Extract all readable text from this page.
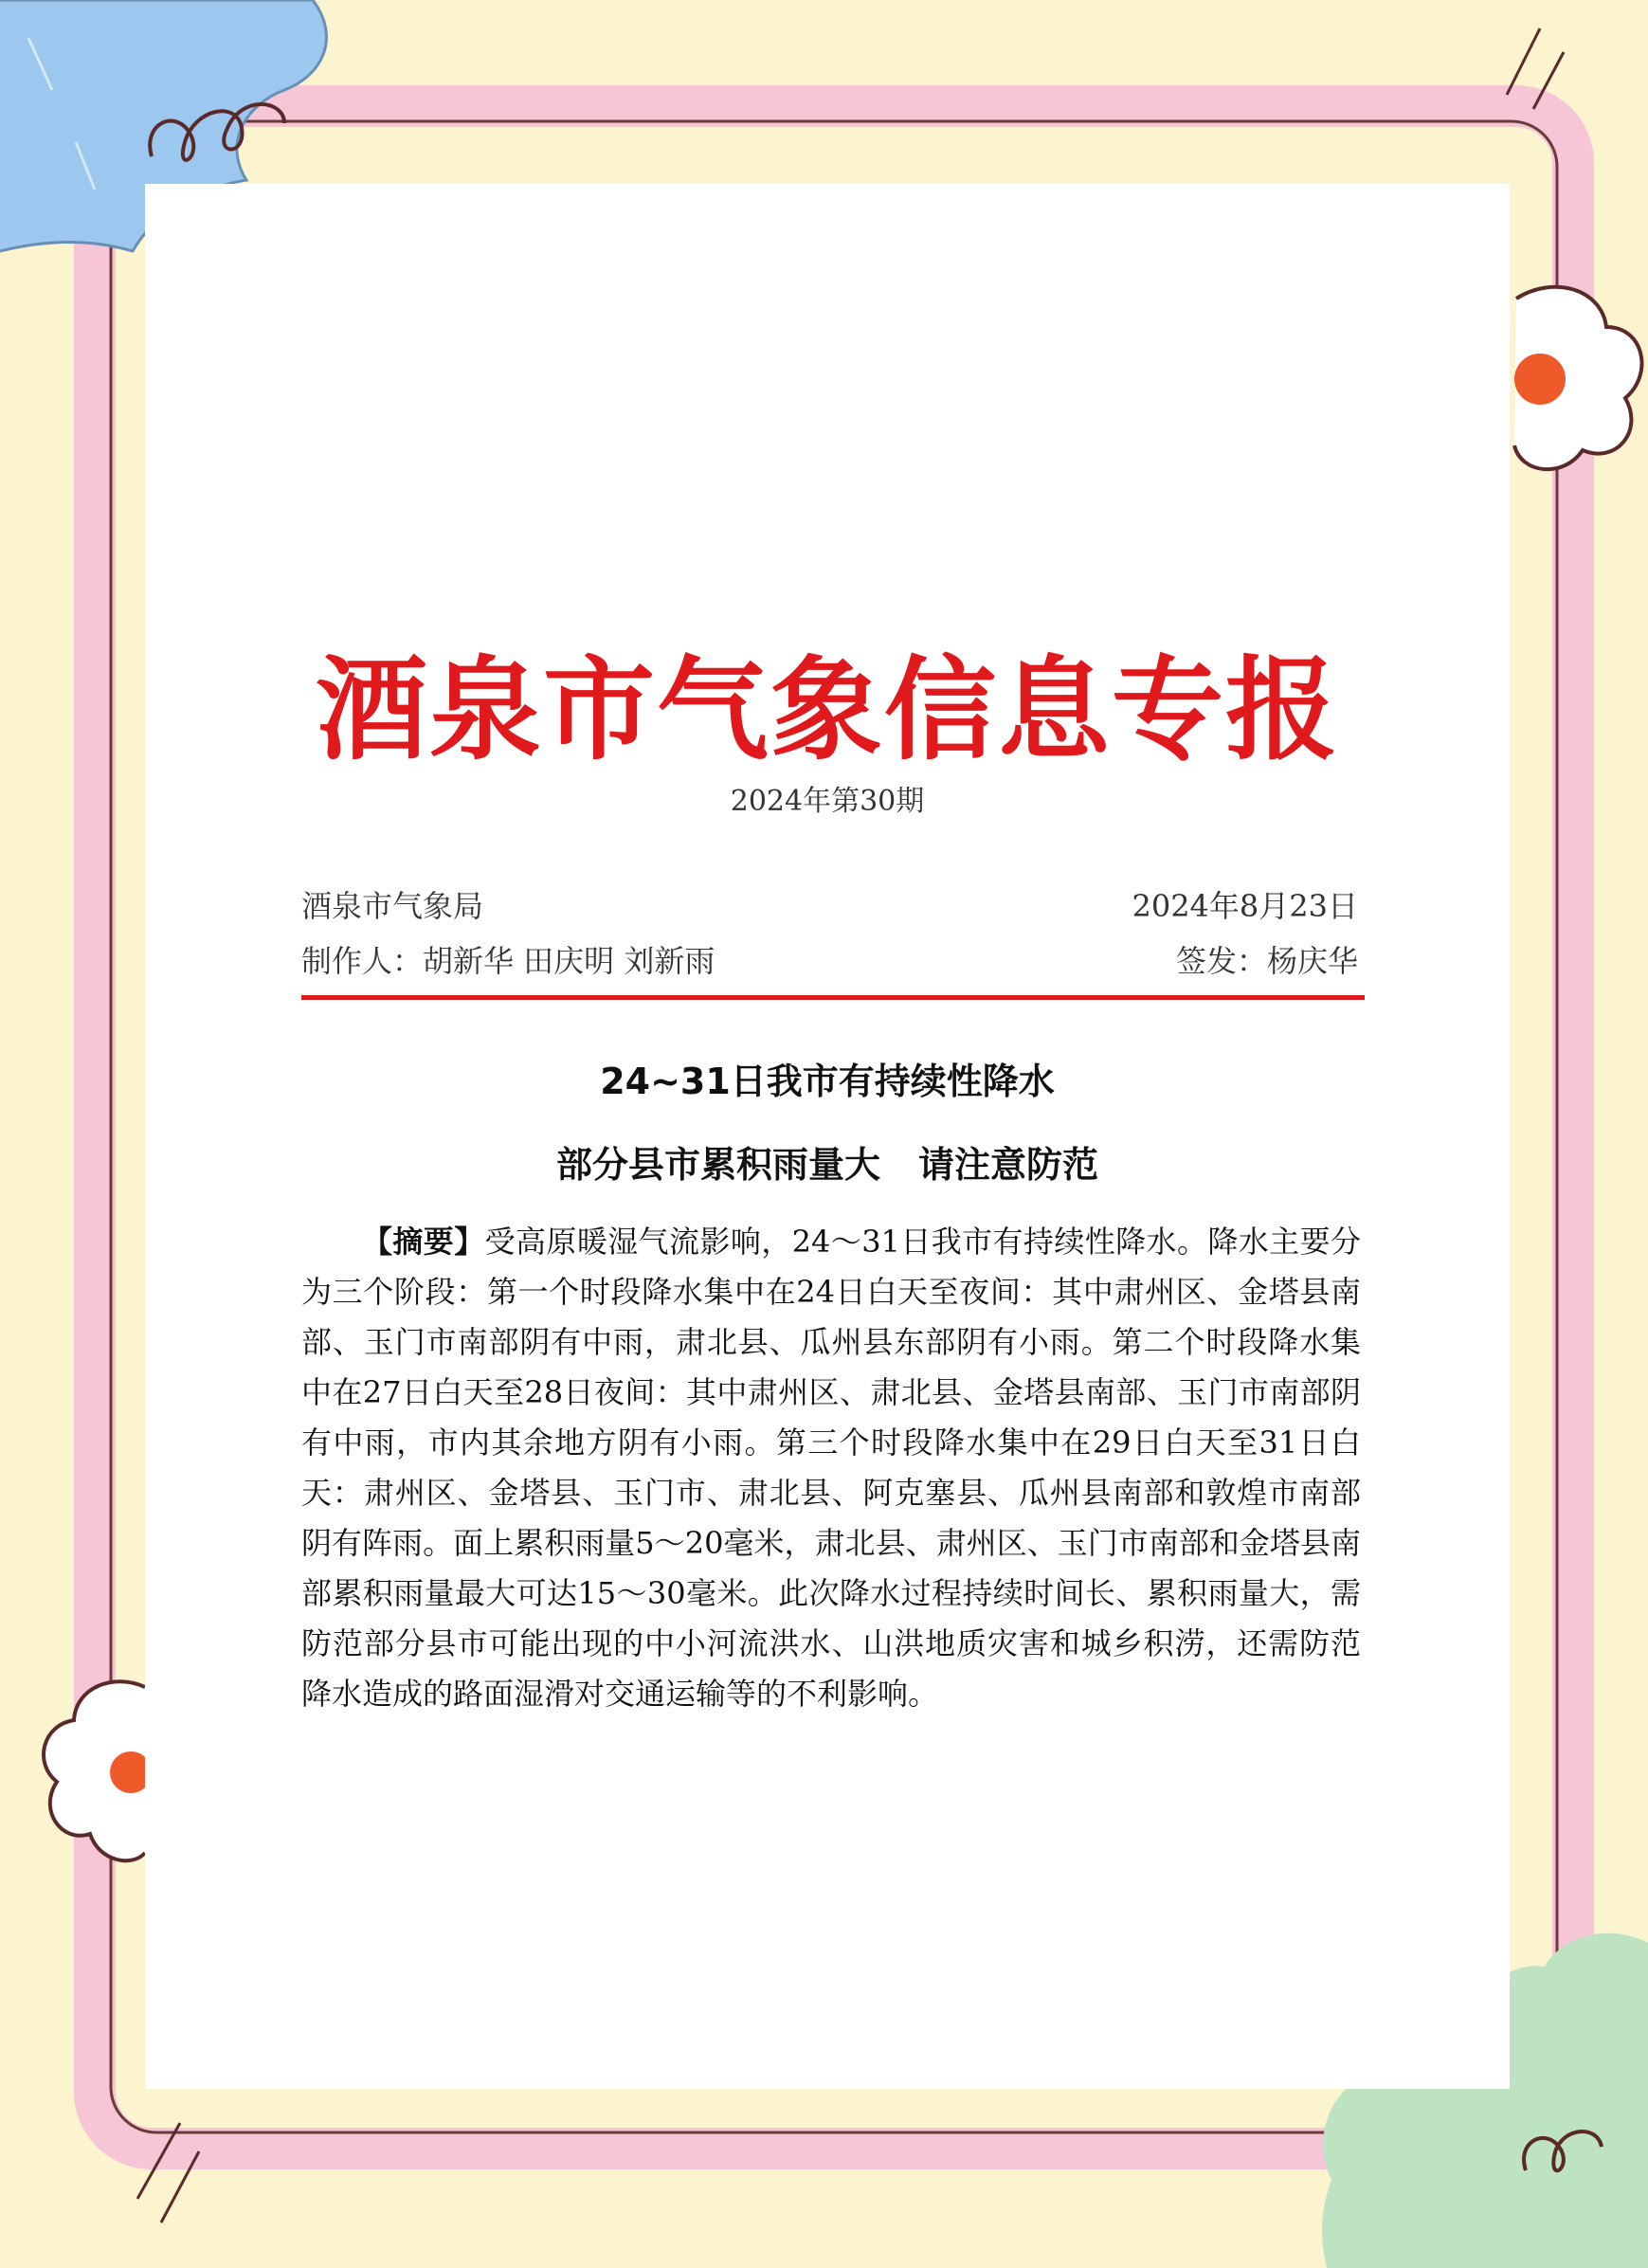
酒泉市气象信息专报
2024年第30期
酒泉市气象局	2024年8月23日
制作人：胡新华 田庆明 刘新雨	签发：杨庆华
24~31日我市有持续性降水
部分县市累积雨量大 请注意防范

【摘要】受高原暖湿气流影响，24～31日我市有持续性降水。降水主要分为三个阶段：第一个时段降水集中在24日白天至夜间：其中肃州区、金塔县南部、玉门市南部阴有中雨，肃北县、瓜州县东部阴有小雨。第二个时段降水集中在27日白天至28日夜间：其中肃州区、肃北县、金塔县南部、玉门市南部阴有中雨，市内其余地方阴有小雨。第三个时段降水集中在29日白天至31日白天：肃州区、金塔县、玉门市、肃北县、阿克塞县、瓜州县南部和敦煌市南部阴有阵雨。面上累积雨量5～20毫米，肃北县、肃州区、玉门市南部和金塔县南部累积雨量最大可达15～30毫米。此次降水过程持续时间长、累积雨量大，需防范部分县市可能出现的中小河流洪水、山洪地质灾害和城乡积涝，还需防范降水造成的路面湿滑对交通运输等的不利影响。
